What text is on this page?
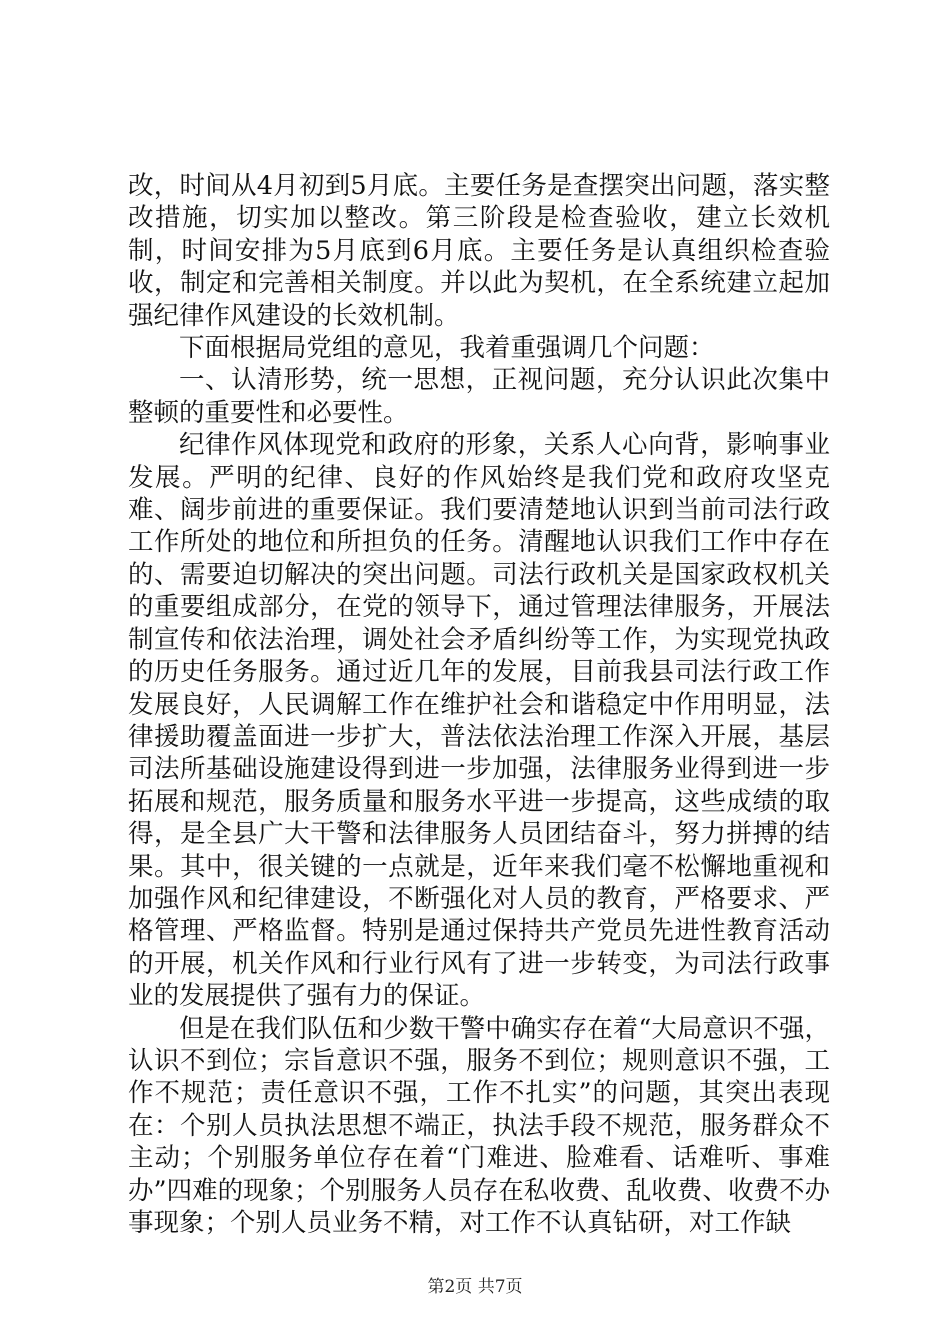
改，时间从4月初到5月底。主要任务是查摆突出问题，落实整改措施，切实加以整改。第三阶段是检查验收，建立长效机制，时间安排为5月底到6月底。主要任务是认真组织检查验收，制定和完善相关制度。并以此为契机，在全系统建立起加强纪律作风建设的长效机制。

下面根据局党组的意见，我着重强调几个问题：

一、认清形势，统一思想，正视问题，充分认识此次集中整顿的重要性和必要性。

纪律作风体现党和政府的形象，关系人心向背，影响事业发展。严明的纪律、良好的作风始终是我们党和政府攻坚克难、阔步前进的重要保证。我们要清楚地认识到当前司法行政工作所处的地位和所担负的任务。清醒地认识我们工作中存在的、需要迫切解决的突出问题。司法行政机关是国家政权机关的重要组成部分，在党的领导下，通过管理法律服务，开展法制宣传和依法治理，调处社会矛盾纠纷等工作，为实现党执政的历史任务服务。通过近几年的发展，目前我县司法行政工作发展良好，人民调解工作在维护社会和谐稳定中作用明显，法律援助覆盖面进一步扩大，普法依法治理工作深入开展，基层司法所基础设施建设得到进一步加强，法律服务业得到进一步拓展和规范，服务质量和服务水平进一步提高，这些成绩的取得，是全县广大干警和法律服务人员团结奋斗，努力拼搏的结果。其中，很关键的一点就是，近年来我们毫不松懈地重视和加强作风和纪律建设，不断强化对人员的教育，严格要求、严格管理、严格监督。特别是通过保持共产党员先进性教育活动的开展，机关作风和行业行风有了进一步转变，为司法行政事业的发展提供了强有力的保证。

但是在我们队伍和少数干警中确实存在着“大局意识不强，认识不到位；宗旨意识不强，服务不到位；规则意识不强，工作不规范；责任意识不强，工作不扎实”的问题，其突出表现在：个别人员执法思想不端正，执法手段不规范，服务群众不主动；个别服务单位存在着“门难进、脸难看、话难听、事难办”四难的现象；个别服务人员存在私收费、乱收费、收费不办事现象；个别人员业务不精，对工作不认真钻研，对工作缺

第2页 共7页
